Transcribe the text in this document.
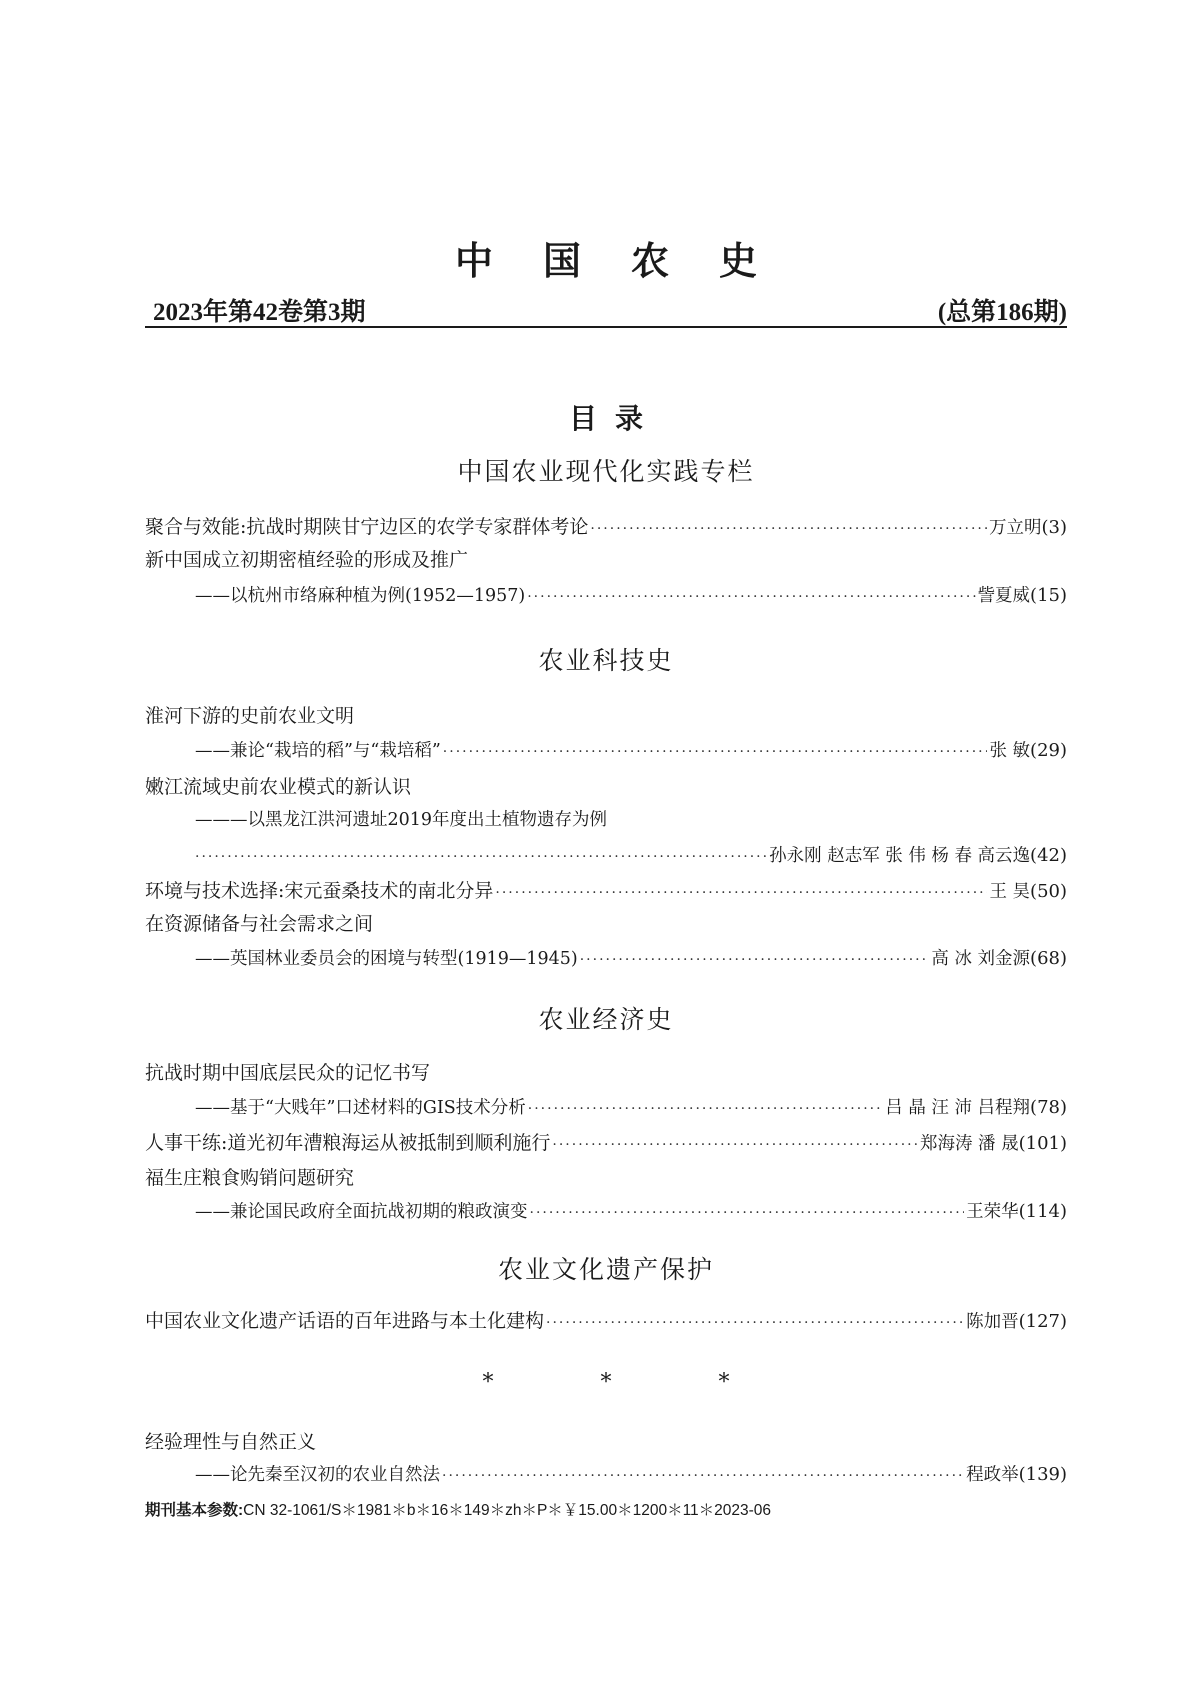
中国农史
2023年第42卷第3期	(总第186期)
目录
中国农业现代化实践专栏
聚合与效能:抗战时期陕甘宁边区的农学专家群体考论 ·····	万立明 (3)
新中国成立初期密植经验的形成及推广
——以杭州市络麻种植为例(1952—1957) ·····	訾夏威 (15)
农业科技史
淮河下游的史前农业文明
——兼论“栽培的稻”与“栽培稻” ·····	张 敏 (29)
嫩江流域史前农业模式的新认识
———以黑龙江洪河遗址2019年度出土植物遗存为例
·····
孙永刚 赵志军 张 伟 杨 春 高云逸 (42)
环境与技术选择:宋元蚕桑技术的南北分异 ·····	王 昊 (50)
在资源储备与社会需求之间
——英国林业委员会的困境与转型(1919—1945) ·····	高 冰 刘金源 (68)
农业经济史
抗战时期中国底层民众的记忆书写
——基于“大贱年”口述材料的GIS技术分析 ·····	吕 晶 汪 沛 吕程翔 (78)
人事干练:道光初年漕粮海运从被抵制到顺利施行 ·····	郑海涛 潘 晟 (101)
福生庄粮食购销问题研究
——兼论国民政府全面抗战初期的粮政演变 ·····	王荣华 (114)
农业文化遗产保护
中国农业文化遗产话语的百年进路与本土化建构 ·····	陈加晋 (127)
* * *
经验理性与自然正义
——论先秦至汉初的农业自然法 ·····	程政举 (139)
期刊基本参数:CN 32-1061/S＊1981＊b＊16＊149＊zh＊P＊￥15.00＊1200＊11＊2023-06
